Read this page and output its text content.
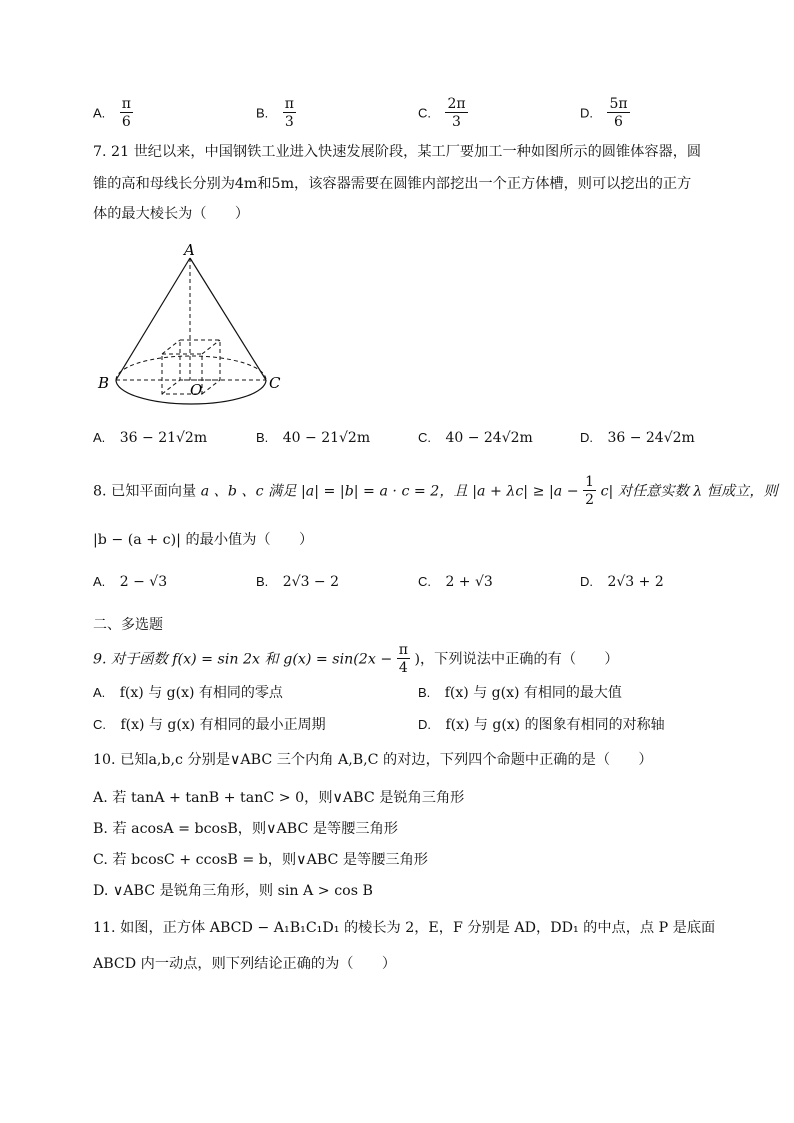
A. $\frac{\pi}{6}$	B. $\frac{\pi}{3}$	C. $\frac{2\pi}{3}$	D. $\frac{5\pi}{6}$
7. 21 世纪以来，中国钢铁工业进入快速发展阶段，某工厂要加工一种如图所示的圆锥体容器，圆
锥的高和母线长分别为4m和5m，该容器需要在圆锥内部挖出一个正方体槽，则可以挖出的正方
体的最大棱长为（　　）
A
B	C
O
A. 36 − 21√2m	B. 40 − 21√2m	C. 40 − 24√2m	D. 36 − 24√2m
8. 已知平面向量 a 、b 、c 满足 |a| = |b| = a · c = 2，且 $|a + \lambda c| \ge |a - \frac{1}{2} c|$ 对任意实数 λ 恒成立，则
|b − (a + c)| 的最小值为（　　）
A. 2 − √3	B. 2√3 − 2	C. 2 + √3	D. 2√3 + 2
二、多选题
9. 对于函数 f(x) = sin 2x 和 $g(x) = \sin(2x - \frac{\pi}{4}$ )，下列说法中正确的有（　　）
A. f(x) 与 g(x) 有相同的零点	B. f(x) 与 g(x) 有相同的最大值
C. f(x) 与 g(x) 有相同的最小正周期	D. f(x) 与 g(x) 的图象有相同的对称轴
10. 已知a,b,c 分别是∨ABC 三个内角 A,B,C 的对边，下列四个命题中正确的是（　　）
A. 若 tanA + tanB + tanC > 0，则∨ABC 是锐角三角形
B. 若 acosA = bcosB，则∨ABC 是等腰三角形
C. 若 bcosC + ccosB = b，则∨ABC 是等腰三角形
D. ∨ABC 是锐角三角形，则 sin A > cos B
11. 如图，正方体 ABCD − A₁B₁C₁D₁ 的棱长为 2，E，F 分别是 AD，DD₁ 的中点，点 P 是底面
ABCD 内一动点，则下列结论正确的为（　　）
